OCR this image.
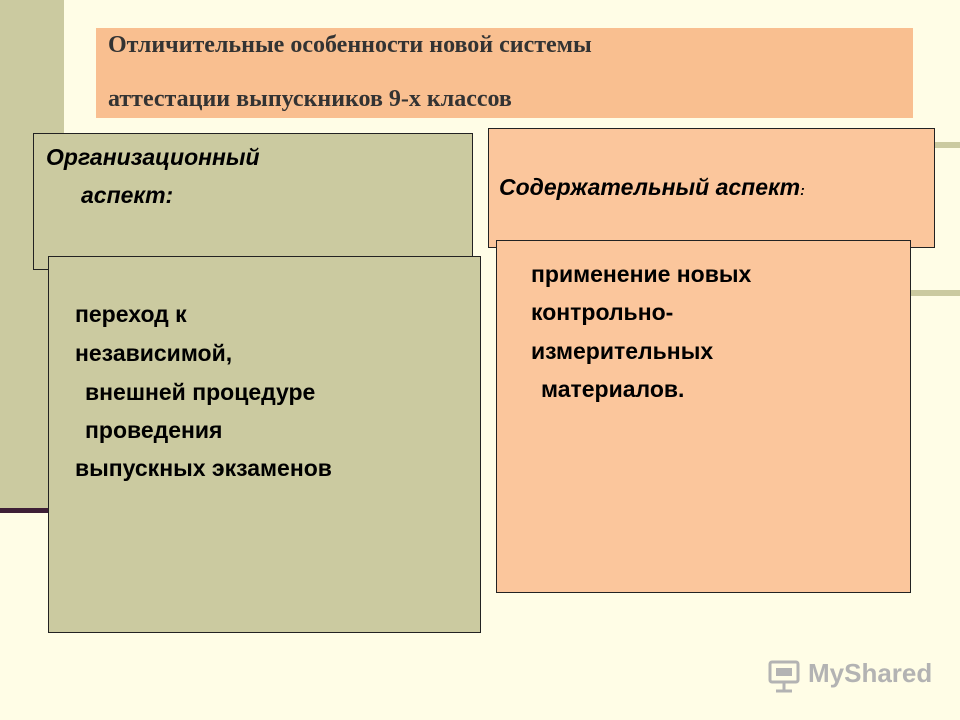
Отличительные особенности новой системы
аттестации выпускников 9-х классов
Организационный
аспект:	Содержательный аспект:
переход к
независимой,
внешней процедуре
проведения
выпускных экзаменов
применение новых
контрольно-
измерительных
материалов.
MyShared
